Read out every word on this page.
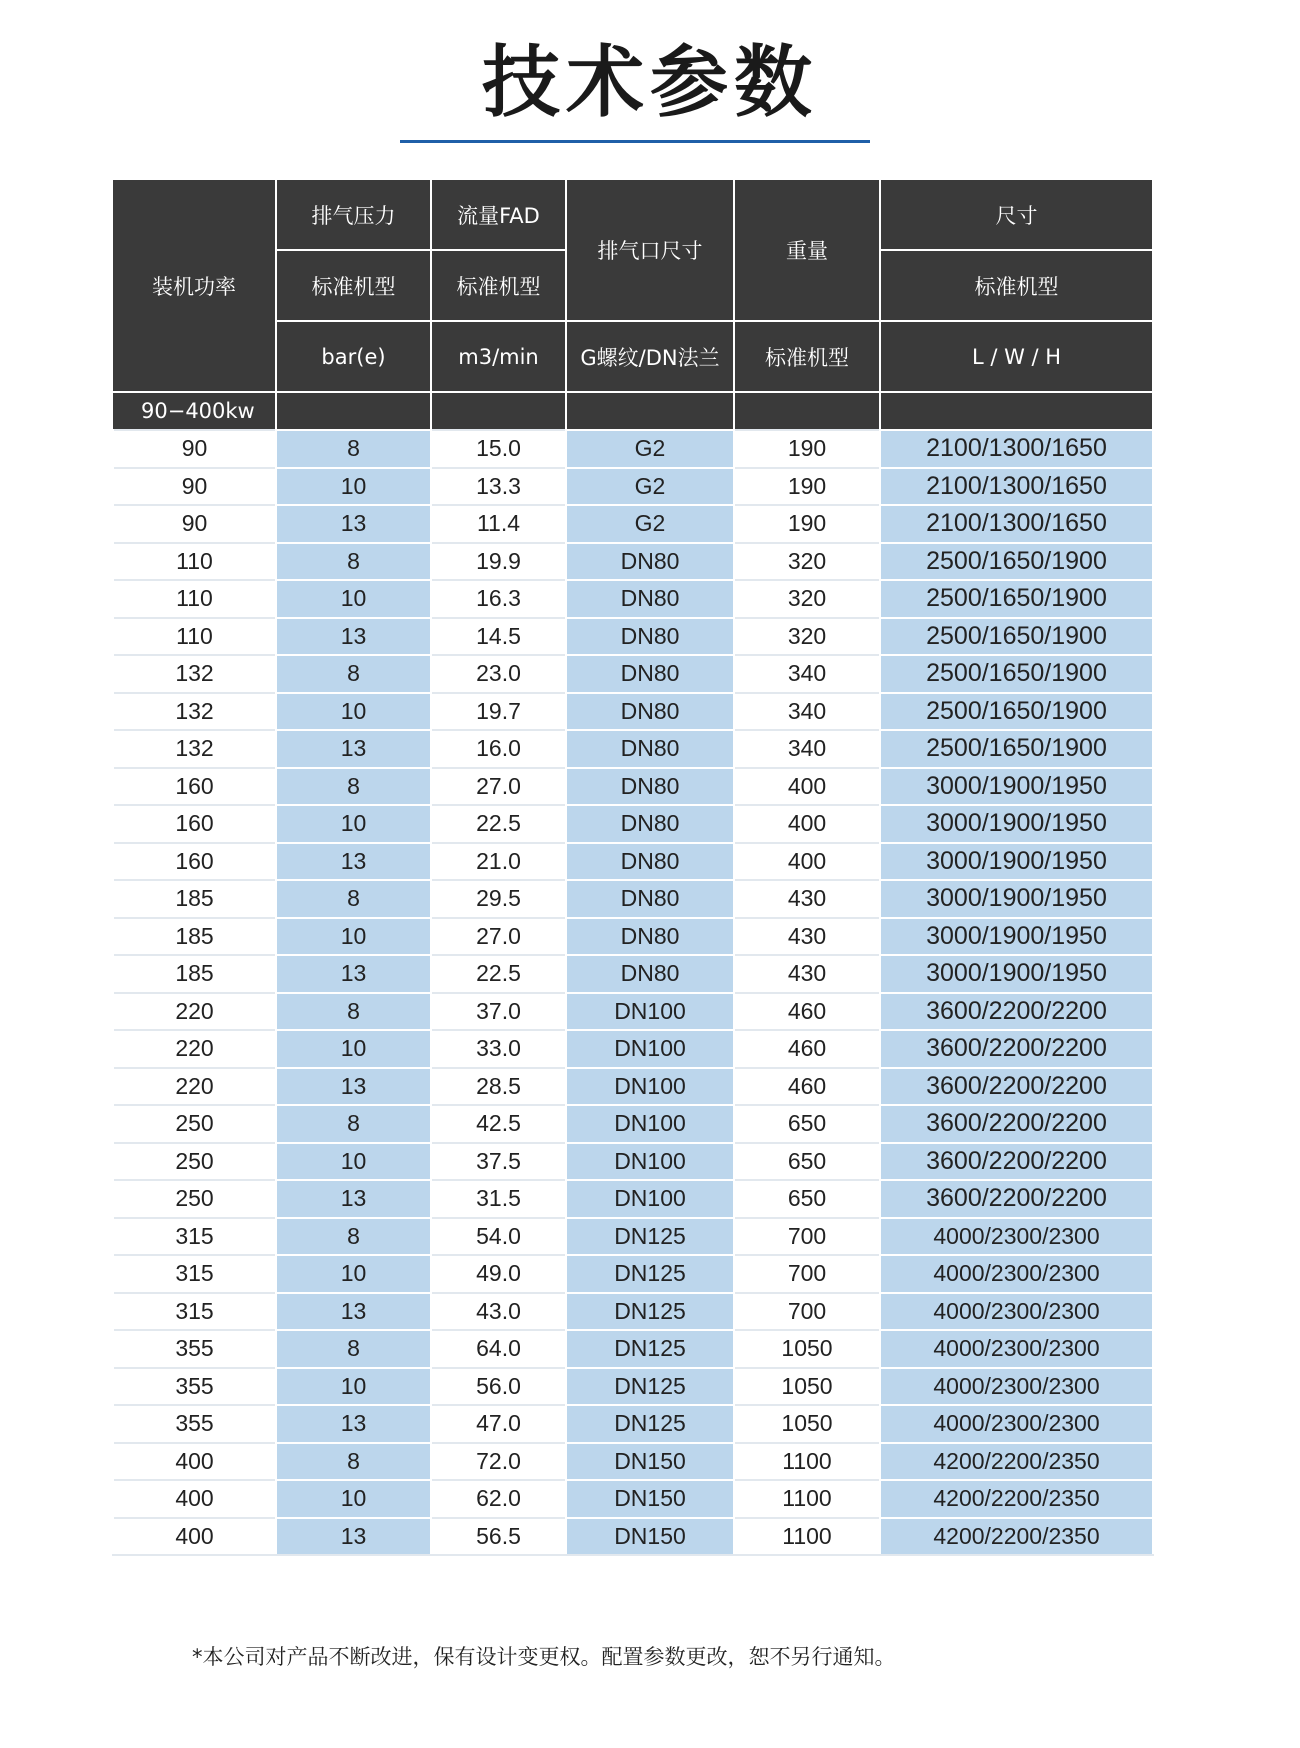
技术参数
装机功率	排气压力	流量FAD	排气口尺寸	重量	尺寸
	标准机型	标准机型			标准机型
	bar(e)	m3/min	G螺纹/DN法兰	标准机型	L / W / H
90−400kw					
90	8	15.0	G2	190	2100/1300/1650
90	10	13.3	G2	190	2100/1300/1650
90	13	11.4	G2	190	2100/1300/1650
110	8	19.9	DN80	320	2500/1650/1900
110	10	16.3	DN80	320	2500/1650/1900
110	13	14.5	DN80	320	2500/1650/1900
132	8	23.0	DN80	340	2500/1650/1900
132	10	19.7	DN80	340	2500/1650/1900
132	13	16.0	DN80	340	2500/1650/1900
160	8	27.0	DN80	400	3000/1900/1950
160	10	22.5	DN80	400	3000/1900/1950
160	13	21.0	DN80	400	3000/1900/1950
185	8	29.5	DN80	430	3000/1900/1950
185	10	27.0	DN80	430	3000/1900/1950
185	13	22.5	DN80	430	3000/1900/1950
220	8	37.0	DN100	460	3600/2200/2200
220	10	33.0	DN100	460	3600/2200/2200
220	13	28.5	DN100	460	3600/2200/2200
250	8	42.5	DN100	650	3600/2200/2200
250	10	37.5	DN100	650	3600/2200/2200
250	13	31.5	DN100	650	3600/2200/2200
315	8	54.0	DN125	700	4000/2300/2300
315	10	49.0	DN125	700	4000/2300/2300
315	13	43.0	DN125	700	4000/2300/2300
355	8	64.0	DN125	1050	4000/2300/2300
355	10	56.0	DN125	1050	4000/2300/2300
355	13	47.0	DN125	1050	4000/2300/2300
400	8	72.0	DN150	1100	4200/2200/2350
400	10	62.0	DN150	1100	4200/2200/2350
400	13	56.5	DN150	1100	4200/2200/2350
*本公司对产品不断改进，保有设计变更权。配置参数更改，恕不另行通知。
